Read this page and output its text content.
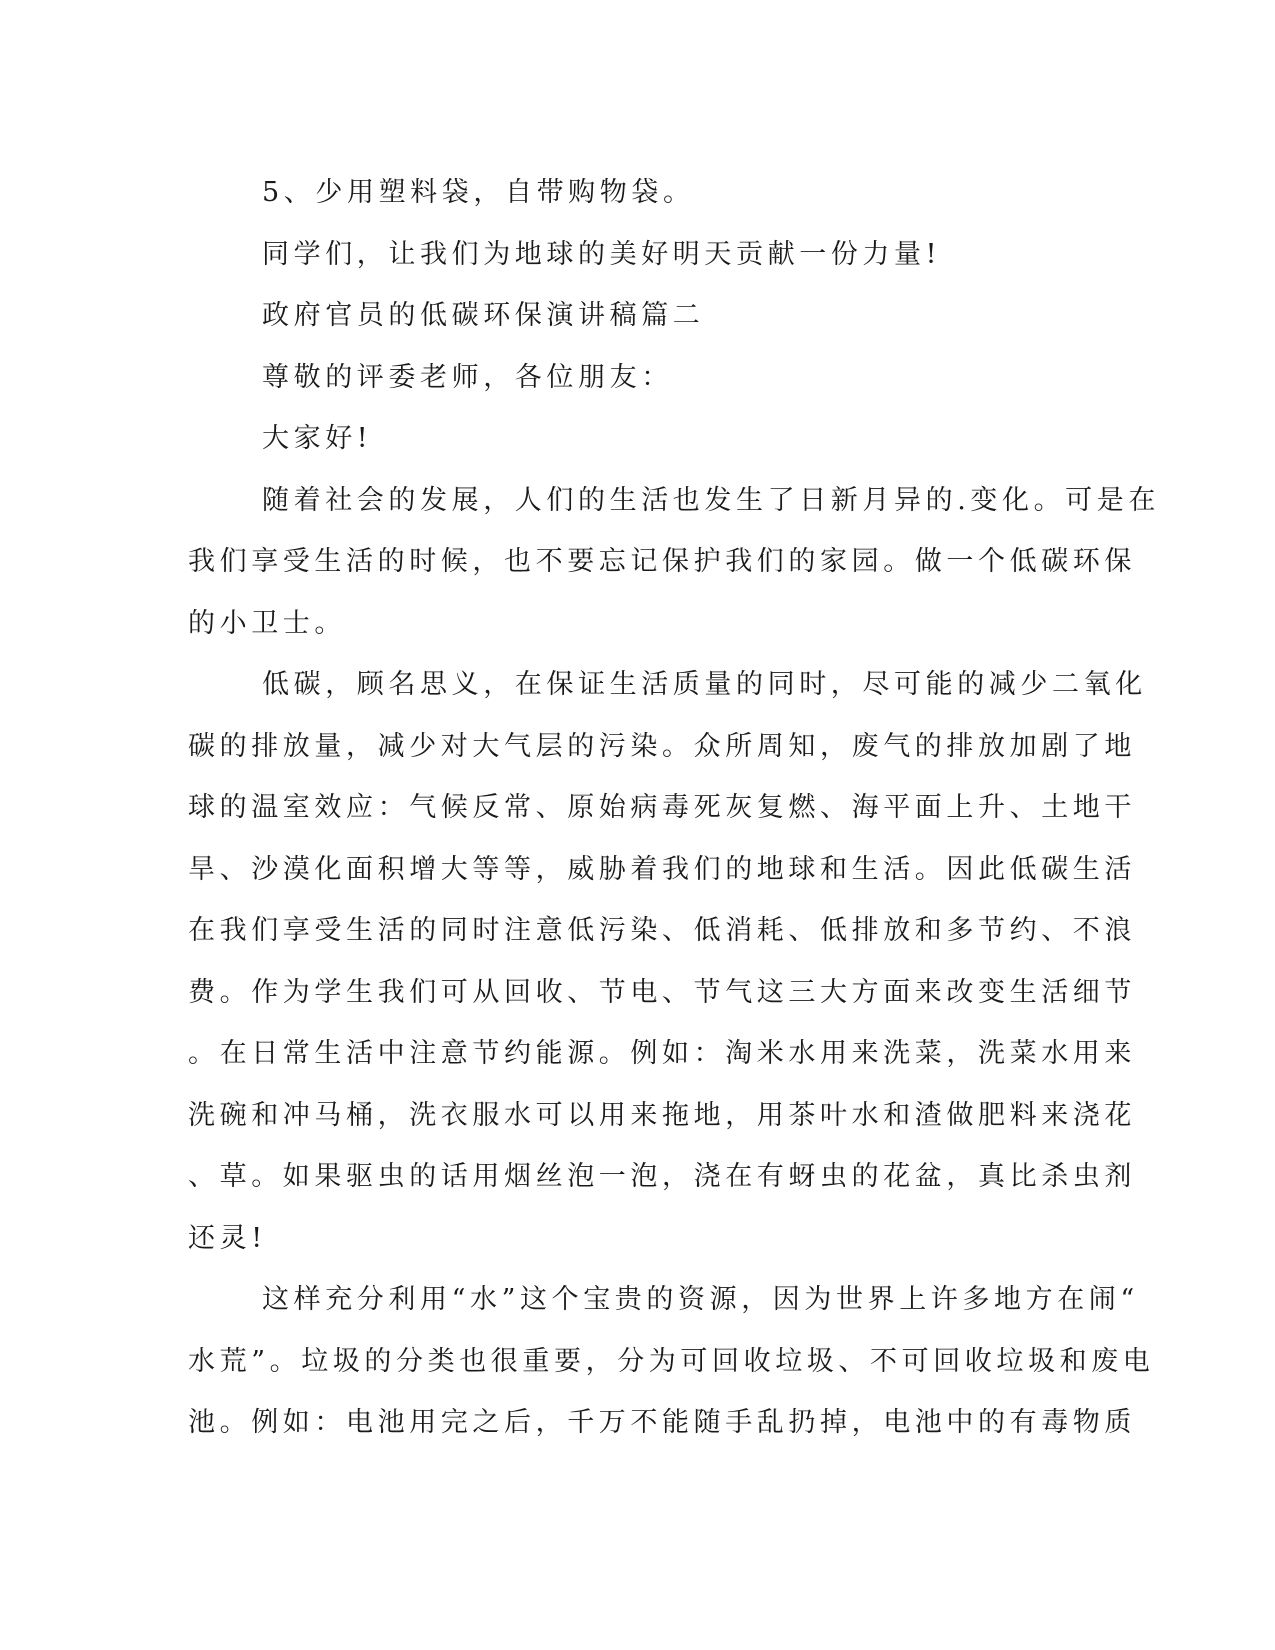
5、少用塑料袋，自带购物袋。
同学们，让我们为地球的美好明天贡献一份力量!
政府官员的低碳环保演讲稿篇二
尊敬的评委老师，各位朋友：
大家好!
随着社会的发展，人们的生活也发生了日新月异的.变化。可是在
我们享受生活的时候，也不要忘记保护我们的家园。做一个低碳环保
的小卫士。
低碳，顾名思义，在保证生活质量的同时，尽可能的减少二氧化
碳的排放量，减少对大气层的污染。众所周知，废气的排放加剧了地
球的温室效应：气候反常、原始病毒死灰复燃、海平面上升、土地干
旱、沙漠化面积增大等等，威胁着我们的地球和生活。因此低碳生活
在我们享受生活的同时注意低污染、低消耗、低排放和多节约、不浪
费。作为学生我们可从回收、节电、节气这三大方面来改变生活细节
。在日常生活中注意节约能源。例如：淘米水用来洗菜，洗菜水用来
洗碗和冲马桶，洗衣服水可以用来拖地，用茶叶水和渣做肥料来浇花
、草。如果驱虫的话用烟丝泡一泡，浇在有蚜虫的花盆，真比杀虫剂
还灵!
这样充分利用“水”这个宝贵的资源，因为世界上许多地方在闹“
水荒”。垃圾的分类也很重要，分为可回收垃圾、不可回收垃圾和废电
池。例如：电池用完之后，千万不能随手乱扔掉，电池中的有毒物质
